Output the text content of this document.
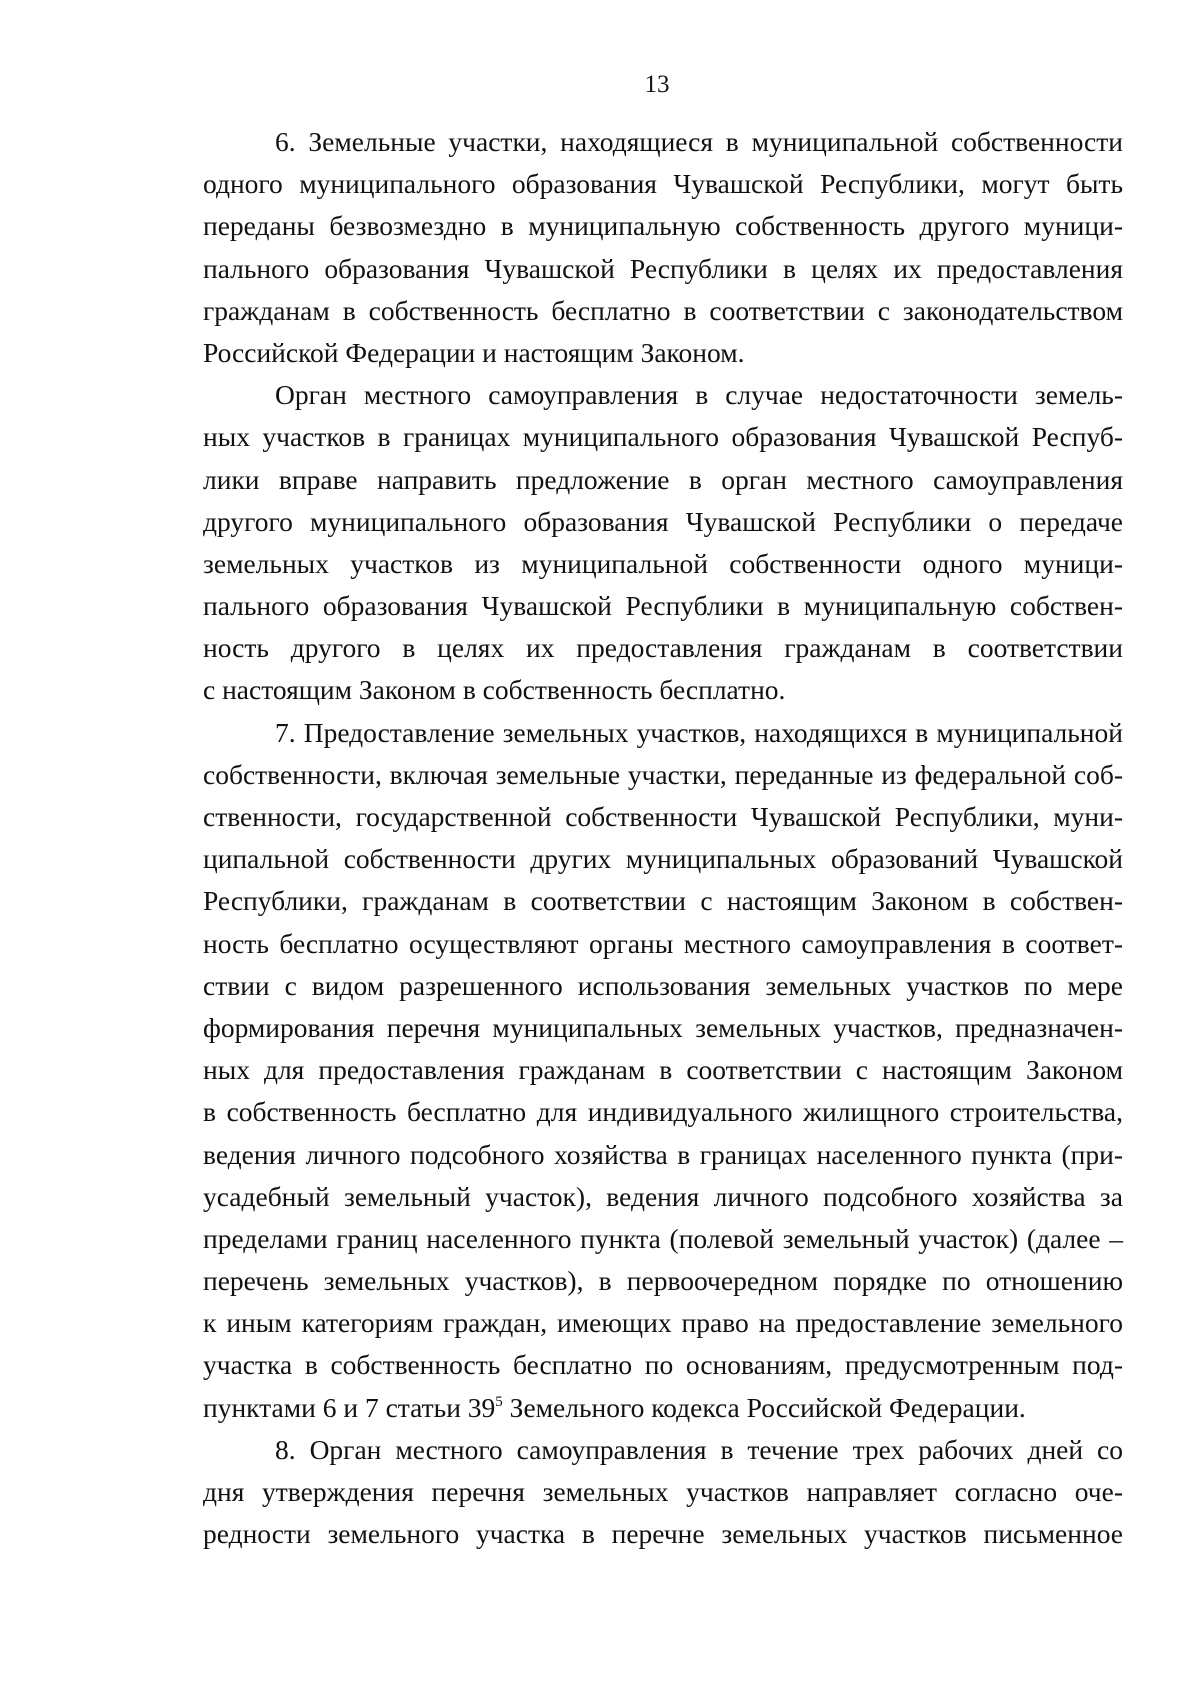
13

6. Земельные участки, находящиеся в муниципальной собственности
одного муниципального образования Чувашской Республики, могут быть
переданы безвозмездно в муниципальную собственность другого муници-
пального образования Чувашской Республики в целях их предоставления
гражданам в собственность бесплатно в соответствии с законодательством
Российской Федерации и настоящим Законом.

Орган местного самоуправления в случае недостаточности земель-
ных участков в границах муниципального образования Чувашской Респуб-
лики вправе направить предложение в орган местного самоуправления
другого муниципального образования Чувашской Республики о передаче
земельных участков из муниципальной собственности одного муници-
пального образования Чувашской Республики в муниципальную собствен-
ность другого в целях их предоставления гражданам в соответствии
с настоящим Законом в собственность бесплатно.

7. Предоставление земельных участков, находящихся в муниципальной
собственности, включая земельные участки, переданные из федеральной соб-
ственности, государственной собственности Чувашской Республики, муни-
ципальной собственности других муниципальных образований Чувашской
Республики, гражданам в соответствии с настоящим Законом в собствен-
ность бесплатно осуществляют органы местного самоуправления в соответ-
ствии с видом разрешенного использования земельных участков по мере
формирования перечня муниципальных земельных участков, предназначен-
ных для предоставления гражданам в соответствии с настоящим Законом
в собственность бесплатно для индивидуального жилищного строительства,
ведения личного подсобного хозяйства в границах населенного пункта (при-
усадебный земельный участок), ведения личного подсобного хозяйства за
пределами границ населенного пункта (полевой земельный участок) (далее –
перечень земельных участков), в первоочередном порядке по отношению
к иным категориям граждан, имеющих право на предоставление земельного
участка в собственность бесплатно по основаниям, предусмотренным под-
пунктами 6 и 7 статьи $39^5$ Земельного кодекса Российской Федерации.

8. Орган местного самоуправления в течение трех рабочих дней со
дня утверждения перечня земельных участков направляет согласно оче-
редности земельного участка в перечне земельных участков письменное
